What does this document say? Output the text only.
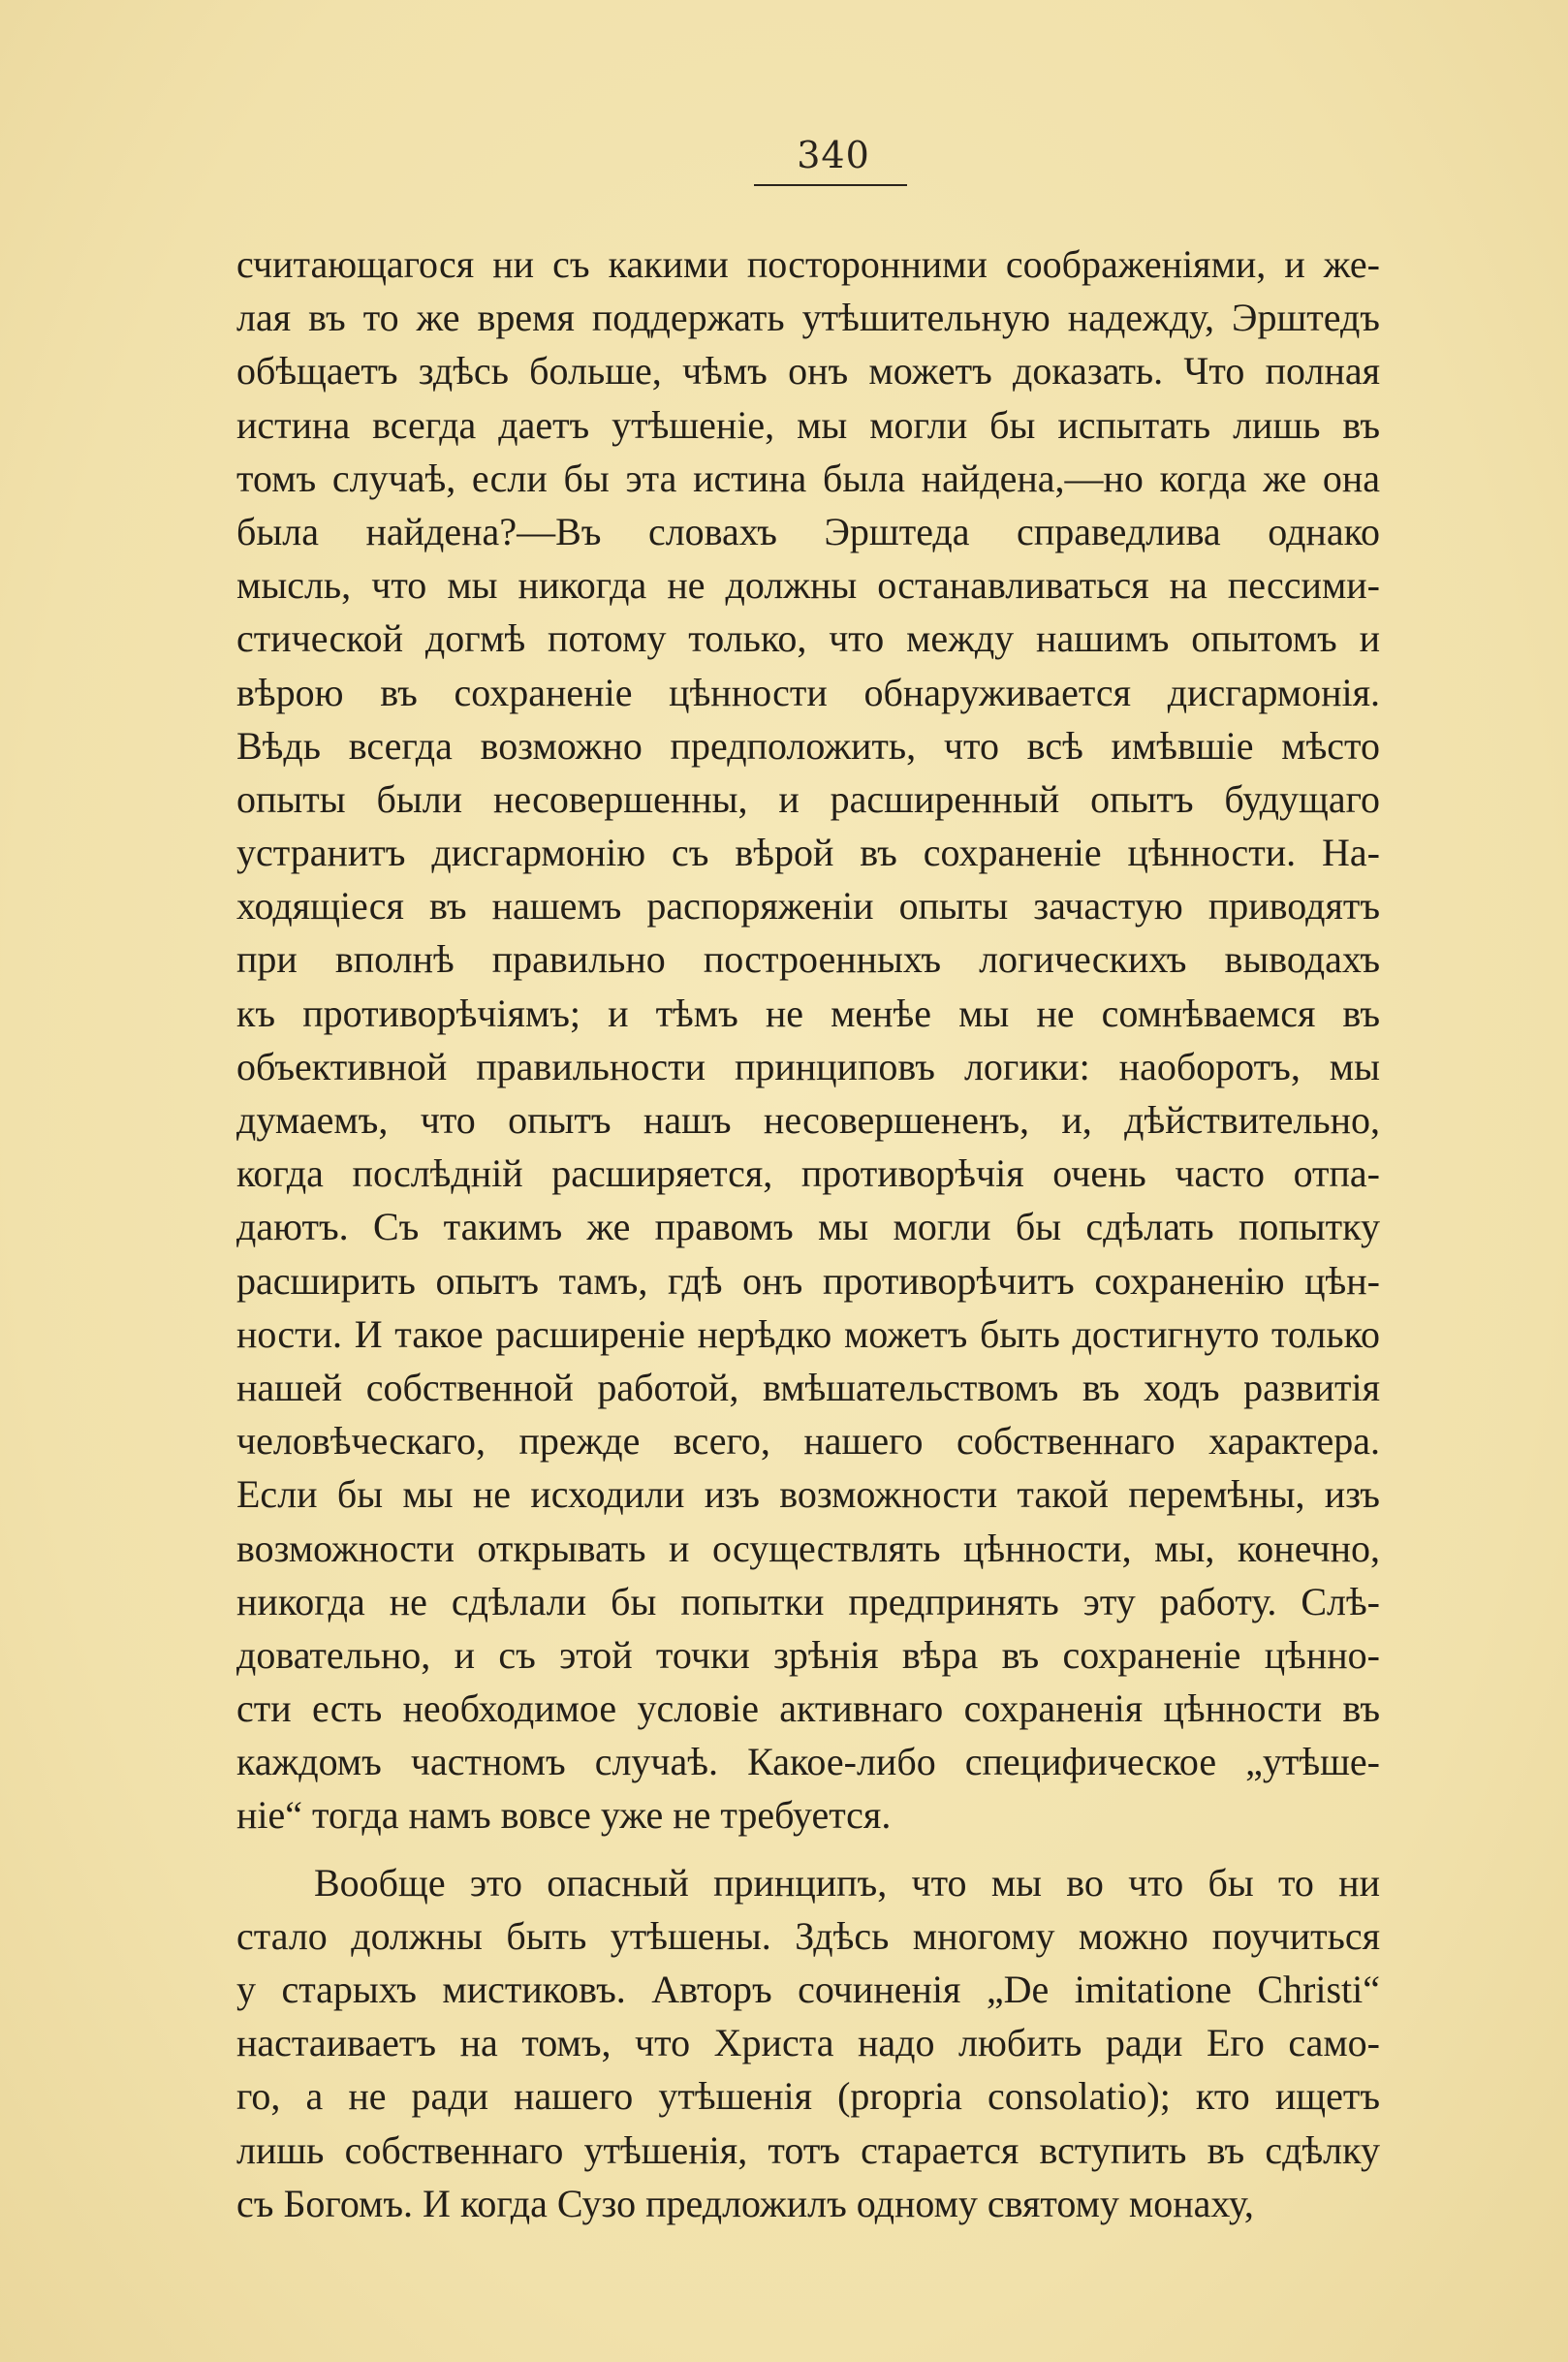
340
считающагося ни съ какими посторонними соображеніями, и же-
лая въ то же время поддержать утѣшительную надежду, Эрштедъ
обѣщаетъ здѣсь больше, чѣмъ онъ можетъ доказать. Что полная
истина всегда даетъ утѣшеніе, мы могли бы испытать лишь въ
томъ случаѣ, если бы эта истина была найдена,—но когда же она
была найдена?—Въ словахъ Эрштеда справедлива однако
мысль, что мы никогда не должны останавливаться на пессими-
стической догмѣ потому только, что между нашимъ опытомъ и
вѣрою въ сохраненіе цѣнности обнаруживается дисгармонія.
Вѣдь всегда возможно предположить, что всѣ имѣвшіе мѣсто
опыты были несовершенны, и расширенный опытъ будущаго
устранитъ дисгармонію съ вѣрой въ сохраненіе цѣнности. На-
ходящіеся въ нашемъ распоряженіи опыты зачастую приводятъ
при вполнѣ правильно построенныхъ логическихъ выводахъ
къ противорѣчіямъ; и тѣмъ не менѣе мы не сомнѣваемся въ
объективной правильности принциповъ логики: наоборотъ, мы
думаемъ, что опытъ нашъ несовершененъ, и, дѣйствительно,
когда послѣдній расширяется, противорѣчія очень часто отпа-
даютъ. Съ такимъ же правомъ мы могли бы сдѣлать попытку
расширить опытъ тамъ, гдѣ онъ противорѣчитъ сохраненію цѣн-
ности. И такое расширеніе нерѣдко можетъ быть достигнуто только
нашей собственной работой, вмѣшательствомъ въ ходъ развитія
человѣческаго, прежде всего, нашего собственнаго характера.
Если бы мы не исходили изъ возможности такой перемѣны, изъ
возможности открывать и осуществлять цѣнности, мы, конечно,
никогда не сдѣлали бы попытки предпринять эту работу. Слѣ-
довательно, и съ этой точки зрѣнія вѣра въ сохраненіе цѣнно-
сти есть необходимое условіе активнаго сохраненія цѣнности въ
каждомъ частномъ случаѣ. Какое-либо специфическое „утѣше-
ніе“ тогда намъ вовсе уже не требуется.
Вообще это опасный принципъ, что мы во что бы то ни
стало должны быть утѣшены. Здѣсь многому можно поучиться
у старыхъ мистиковъ. Авторъ сочиненія „De imitatione Christi“
настаиваетъ на томъ, что Христа надо любить ради Его само-
го, а не ради нашего утѣшенія (propria consolatio); кто ищетъ
лишь собственнаго утѣшенія, тотъ старается вступить въ сдѣлку
съ Богомъ. И когда Сузо предложилъ одному святому монаху,
